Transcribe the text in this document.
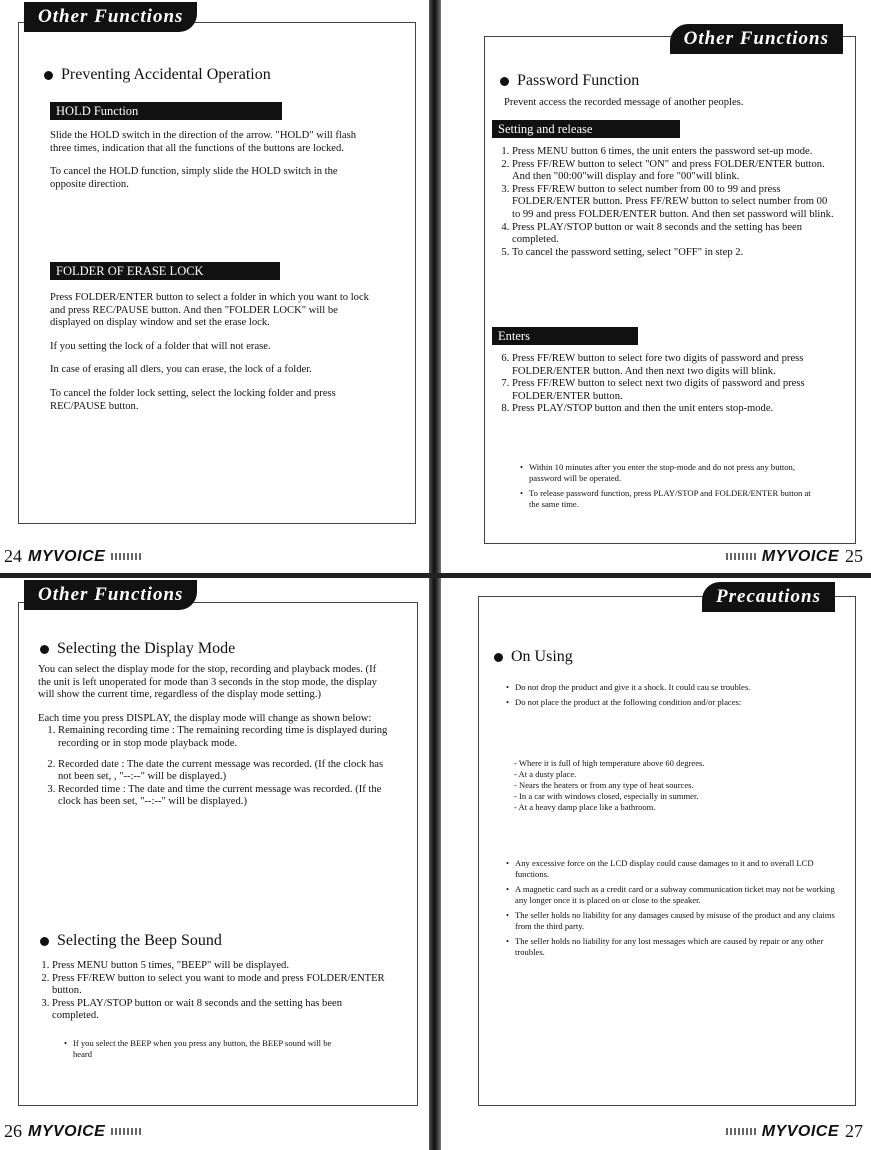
Other Functions
Preventing Accidental Operation
HOLD Function

Slide the HOLD switch in the direction of the arrow. "HOLD" will flash three times, indication that all the functions of the buttons are locked.

To cancel the HOLD function, simply slide the HOLD switch in the opposite direction.

FOLDER OF ERASE LOCK

Press FOLDER/ENTER button to select a folder in which you want to lock and press REC/PAUSE button. And then "FOLDER LOCK" will be displayed on display window and set the erase lock.

If you setting the lock of a folder that will not erase.

In case of erasing all dlers, you can erase, the lock of a folder.

To cancel the folder lock setting, select the locking folder and press REC/PAUSE button.

24 MYVOICE
Other Functions
Password Function
Prevent access the recorded message of another peoples.
Setting and release
1. Press MENU button 6 times, the unit enters the password set-up mode.
2. Press FF/REW button to select "ON" and press FOLDER/ENTER button. And then "00:00"will display and fore "00"will blink.
3. Press FF/REW button to select number from 00 to 99 and press FOLDER/ENTER button. Press FF/REW button to select number from 00 to 99 and press FOLDER/ENTER button. And then set password will blink.
4. Press PLAY/STOP button or wait 8 seconds and the setting has been completed.
5. To cancel the password setting, select "OFF" in step 2.
Enters
6. Press FF/REW button to select fore two digits of password and press FOLDER/ENTER button. And then next two digits will blink.
7. Press FF/REW button to select next two digits of password and press FOLDER/ENTER button.
8. Press PLAY/STOP button and then the unit enters stop-mode.
• Within 10 minutes after you enter the stop-mode and do not press any button, password will be operated.
• To release password function, press PLAY/STOP and FOLDER/ENTER button at the same time.
MYVOICE 25
Other Functions
Selecting the Display Mode

You can select the display mode for the stop, recording and playback modes. (If the unit is left unoperated for mode than 3 seconds in the stop mode, the display will show the current time, regardless of the display mode setting.)

Each time you press DISPLAY, the display mode will change as shown below:

1. Remaining recording time : The remaining recording time is displayed during recording or in stop mode playback mode.
2. Recorded date : The date the current message was recorded. (If the clock has not been set, , "--:--" will be displayed.)
3. Recorded time : The date and time the current message was recorded. (If the clock has been set, "--:--" will be displayed.)
Selecting the Beep Sound
1. Press MENU button 5 times, "BEEP" will be displayed.
2. Press FF/REW button to select you want to mode and press FOLDER/ENTER button.
3. Press PLAY/STOP button or wait 8 seconds and the setting has been completed.
• If you select the BEEP when you press any button, the BEEP sound will be heard
26 MYVOICE
Precautions
On Using
• Do not drop the product and give it a shock. It could cau se troubles.
• Do not place the product at the following condition and/or places:
- Where it is full of high temperature above 60 degrees.
- At a dusty place.
- Nears the heaters or from any type of heat sources.
- In a car with windows closed, especially in summer.
- At a heavy damp place like a bathroom.
• Any excessive force on the LCD display could cause damages to it and to overall LCD functions.
• A magnetic card such as a credit card or a subway communication ticket may not be working any longer once it is placed on or close to the speaker.
• The seller holds no liability for any damages caused by misuse of the product and any claims from the third party.
• The seller holds no liability for any lost messages which are caused by repair or any other troubles.
MYVOICE 27
